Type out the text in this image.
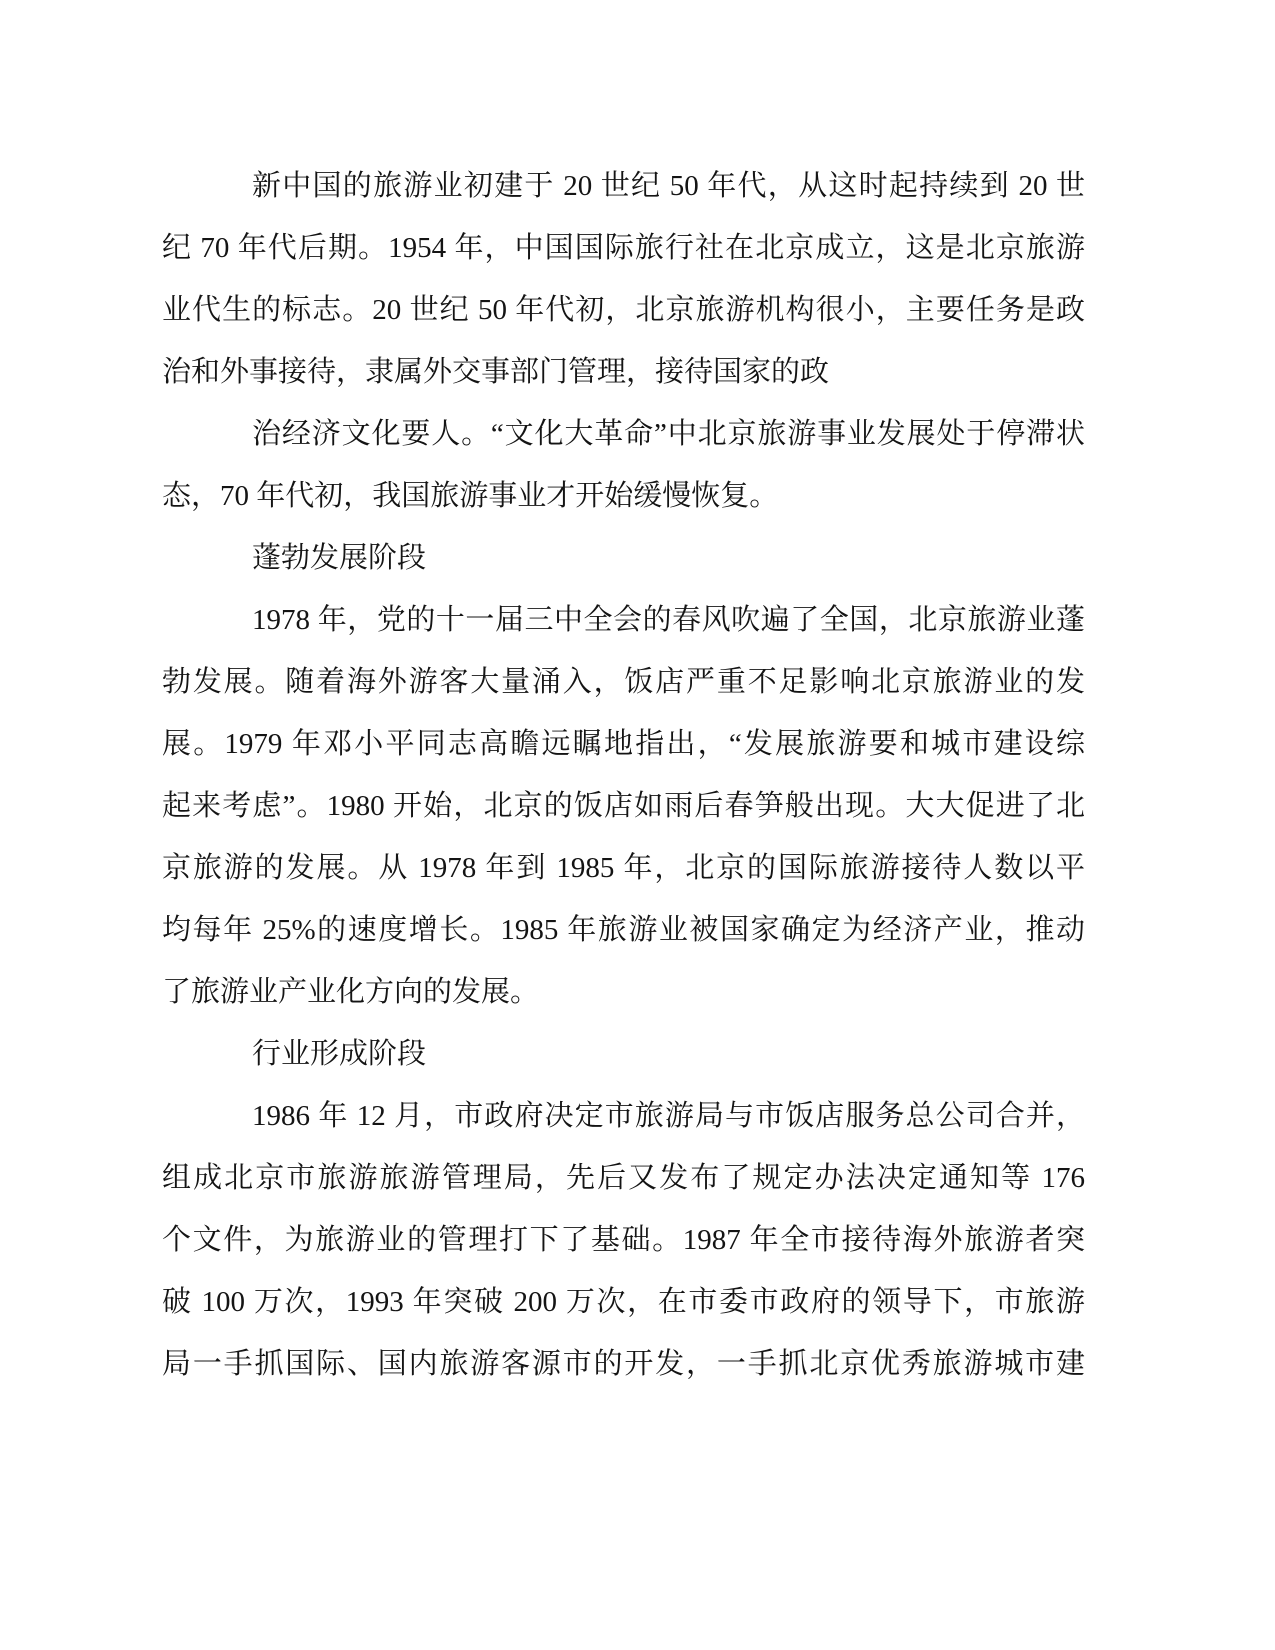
新中国的旅游业初建于 20 世纪 50 年代，从这时起持续到 20 世
纪 70 年代后期。1954 年，中国国际旅行社在北京成立，这是北京旅游
业代生的标志。20 世纪 50 年代初，北京旅游机构很小，主要任务是政
治和外事接待，隶属外交事部门管理，接待国家的政
治经济文化要人。“文化大革命”中北京旅游事业发展处于停滞状
态，70 年代初，我国旅游事业才开始缓慢恢复。
蓬勃发展阶段
1978 年，党的十一届三中全会的春风吹遍了全国，北京旅游业蓬
勃发展。随着海外游客大量涌入，饭店严重不足影响北京旅游业的发
展。1979 年邓小平同志高瞻远瞩地指出，“发展旅游要和城市建设综
起来考虑”。1980 开始，北京的饭店如雨后春笋般出现。大大促进了北
京旅游的发展。从 1978 年到 1985 年，北京的国际旅游接待人数以平
均每年 25%的速度增长。1985 年旅游业被国家确定为经济产业，推动
了旅游业产业化方向的发展。
行业形成阶段
1986 年 12 月，市政府决定市旅游局与市饭店服务总公司合并，
组成北京市旅游旅游管理局，先后又发布了规定办法决定通知等 176
个文件，为旅游业的管理打下了基础。1987 年全市接待海外旅游者突
破 100 万次，1993 年突破 200 万次，在市委市政府的领导下，市旅游
局一手抓国际、国内旅游客源市的开发，一手抓北京优秀旅游城市建
